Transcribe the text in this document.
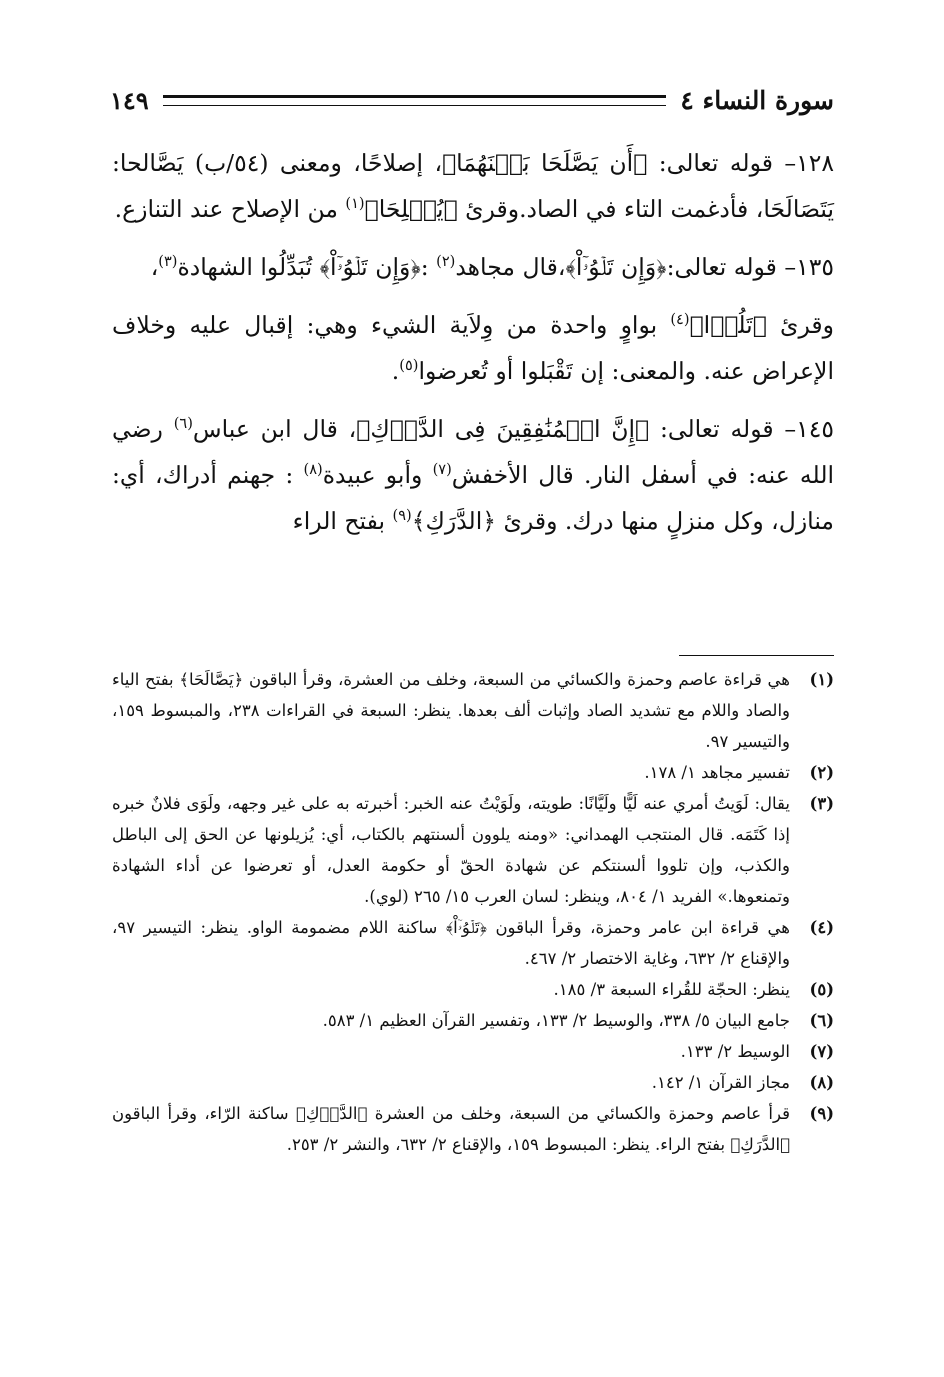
سورة النساء ٤
١٤٩

١٢٨– قوله تعالى: ﴿أَن يَصَّلَحَا بَيۡنَهُمَا﴾، إصلاحًا، ومعنى (٥٤/ب) يَصَّالحا: يَتَصَالَحَا، فأدغمت التاء في الصاد.وقرئ ﴿يُصۡلِحَا﴾$^{(١)}$ من الإصلاح عند التنازع.

١٣٥– قوله تعالى:﴿وَإِن تَلۡوُۥٓاْ﴾،قال مجاهد$^{(٢)}$ :﴿وَإِن تَلۡوُۥٓاْ﴾ تُبَدِّلُوا الشهادة$^{(٣)}$،

وقرئ ﴿تَلُوۡا﴾$^{(٤)}$ بواوٍ واحدة من وِلاَية الشيء وهي: إقبال عليه وخلاف الإعراض عنه. والمعنى: إن تَقْبَلوا أو تُعرضوا$^{(٥)}$.

١٤٥– قوله تعالى: ﴿إِنَّ الۡمُنَٰفِقِينَ فِى الدَّرۡكِ﴾، قال ابن عباس$^{(٦)}$ رضي الله عنه: في أسفل النار. قال الأخفش$^{(٧)}$ وأبو عبيدة$^{(٨)}$ : جهنم أدراك، أي: منازل، وكل منزلٍ منها درك. وقرئ ﴿الدَّرَكِ﴾$^{(٩)}$ بفتح الراء

(١)
هي قراءة عاصم وحمزة والكسائي من السبعة، وخلف من العشرة، وقرأ الباقون ﴿يَصَّالَحَا﴾ بفتح الياء والصاد واللام مع تشديد الصاد وإثبات ألف بعدها. ينظر: السبعة في القراءات ٢٣٨، والمبسوط ١٥٩، والتيسير ٩٧.
(٢)
تفسير مجاهد ١/ ١٧٨.
(٣)
يقال: لَوَيتُ أمري عنه لَيًّا ولَيَّانًا: طويته، ولَوَيْتُ عنه الخبر: أخبرته به على غير وجهه، ولَوَى فلانٌ خبره إذا كَتَمَه. قال المنتجب الهمداني: «ومنه يلوون ألسنتهم بالكتاب، أي: يُزيلونها عن الحق إلى الباطل والكذب، وإن تلووا ألسنتكم عن شهادة الحقّ أو حكومة العدل، أو تعرضوا عن أداء الشهادة وتمنعوها.» الفريد ١/ ٨٠٤، وينظر: لسان العرب ١٥/ ٢٦٥ (لوي).
(٤)
هي قراءة ابن عامر وحمزة، وقرأ الباقون ﴿تَلۡوُۥٓاْ﴾ ساكنة اللام مضمومة الواو. ينظر: التيسير ٩٧، والإقناع ٢/ ٦٣٢، وغاية الاختصار ٢/ ٤٦٧.
(٥)
ينظر: الحجّة للقُراء السبعة ٣/ ١٨٥.
(٦)
جامع البيان ٥/ ٣٣٨، والوسيط ٢/ ١٣٣، وتفسير القرآن العظيم ١/ ٥٨٣.
(٧)
الوسيط ٢/ ١٣٣.
(٨)
مجاز القرآن ١/ ١٤٢.
(٩)
قرأ عاصم وحمزة والكسائي من السبعة، وخلف من العشرة ﴿الدَّرۡكِ﴾ ساكنة الرّاء، وقرأ الباقون ﴿الدَّرَكِ﴾ بفتح الراء. ينظر: المبسوط ١٥٩، والإقناع ٢/ ٦٣٢، والنشر ٢/ ٢٥٣.
